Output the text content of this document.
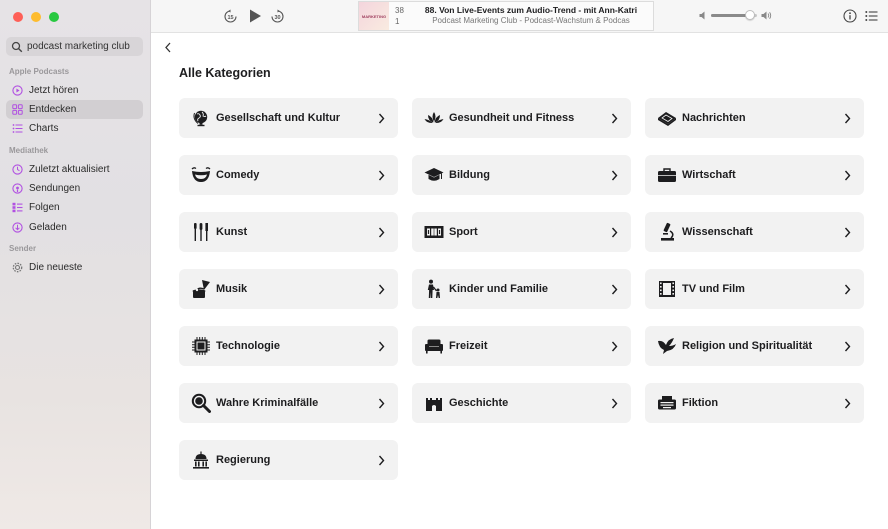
podcast marketing club -
Apple Podcasts
Jetzt hören
Entdecken
Charts
Mediathek
Zuletzt aktualisiert
Sendungen
Folgen
Geladen
Sender
Die neueste
15	30	MARKETING
38
1
88. Von Live-Events zum Audio-Trend - mit Ann-Katri
Podcast Marketing Club - Podcast-Wachstum & Podcas
Alle Kategorien
Gesellschaft und Kultur	Gesundheit und Fitness	Nachrichten
Comedy	Bildung	Wirtschaft
Kunst	Sport	Wissenschaft
Musik	Kinder und Familie	TV und Film
Technologie	Freizeit	Religion und Spiritualität
Wahre Kriminalfälle	Geschichte	Fiktion
Regierung
